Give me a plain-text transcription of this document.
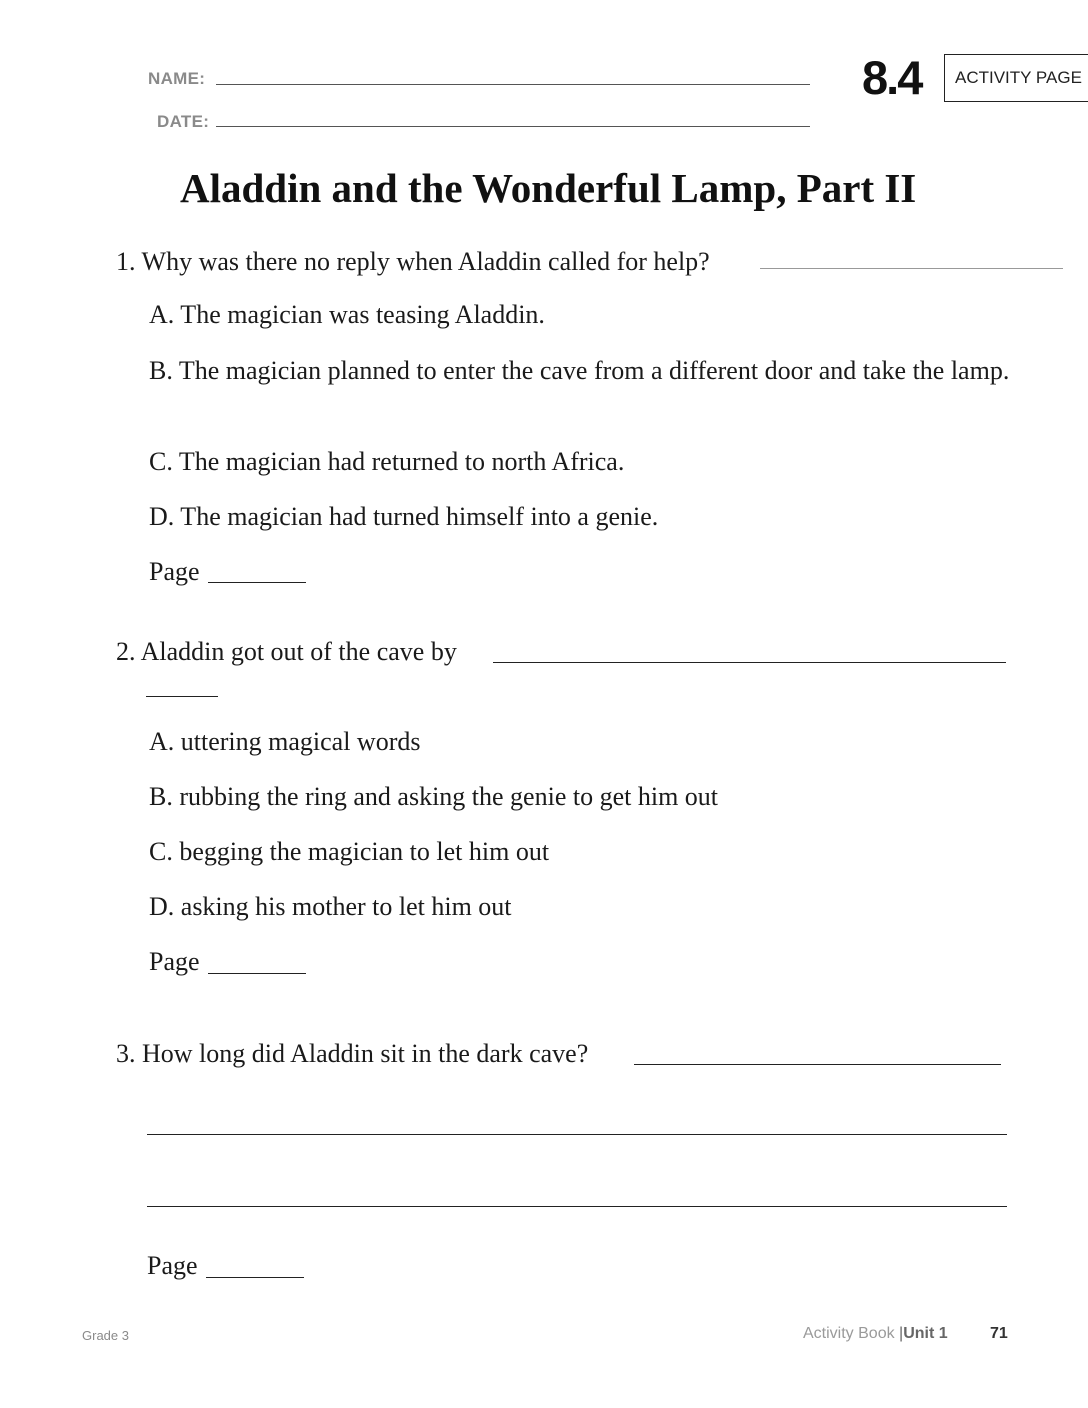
NAME:
DATE:
8.4	ACTIVITY PAGE
Aladdin and the Wonderful Lamp, Part II
1. Why was there no reply when Aladdin called for help?
A. The magician was teasing Aladdin.
B. The magician planned to enter the cave from a different door and take the lamp.
C. The magician had returned to north Africa.
D. The magician had turned himself into a genie.
Page
2. Aladdin got out of the cave by
A. uttering magical words
B. rubbing the ring and asking the genie to get him out
C. begging the magician to let him out
D. asking his mother to let him out
Page
3. How long did Aladdin sit in the dark cave?
Page
Grade 3	Activity Book |Unit 1	71
